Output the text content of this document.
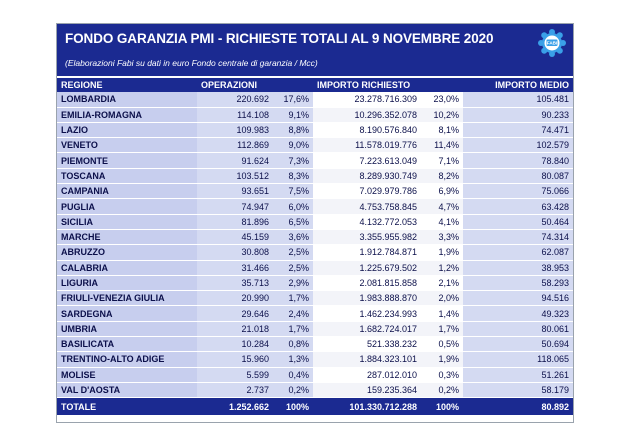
FONDO GARANZIA PMI - RICHIESTE TOTALI AL 9 NOVEMBRE 2020
(Elaborazioni Fabi su dati in euro Fondo centrale di garanzia / Mcc)
FABI
REGIONE	OPERAZIONI		IMPORTO RICHIESTO		IMPORTO MEDIO
LOMBARDIA	220.692	17,6%	23.278.716.309	23,0%	105.481
EMILIA-ROMAGNA	114.108	9,1%	10.296.352.078	10,2%	90.233
LAZIO	109.983	8,8%	8.190.576.840	8,1%	74.471
VENETO	112.869	9,0%	11.578.019.776	11,4%	102.579
PIEMONTE	91.624	7,3%	7.223.613.049	7,1%	78.840
TOSCANA	103.512	8,3%	8.289.930.749	8,2%	80.087
CAMPANIA	93.651	7,5%	7.029.979.786	6,9%	75.066
PUGLIA	74.947	6,0%	4.753.758.845	4,7%	63.428
SICILIA	81.896	6,5%	4.132.772.053	4,1%	50.464
MARCHE	45.159	3,6%	3.355.955.982	3,3%	74.314
ABRUZZO	30.808	2,5%	1.912.784.871	1,9%	62.087
CALABRIA	31.466	2,5%	1.225.679.502	1,2%	38.953
LIGURIA	35.713	2,9%	2.081.815.858	2,1%	58.293
FRIULI-VENEZIA GIULIA	20.990	1,7%	1.983.888.870	2,0%	94.516
SARDEGNA	29.646	2,4%	1.462.234.993	1,4%	49.323
UMBRIA	21.018	1,7%	1.682.724.017	1,7%	80.061
BASILICATA	10.284	0,8%	521.338.232	0,5%	50.694
TRENTINO-ALTO ADIGE	15.960	1,3%	1.884.323.101	1,9%	118.065
MOLISE	5.599	0,4%	287.012.010	0,3%	51.261
VAL D'AOSTA	2.737	0,2%	159.235.364	0,2%	58.179
TOTALE	1.252.662	100%	101.330.712.288	100%	80.892
